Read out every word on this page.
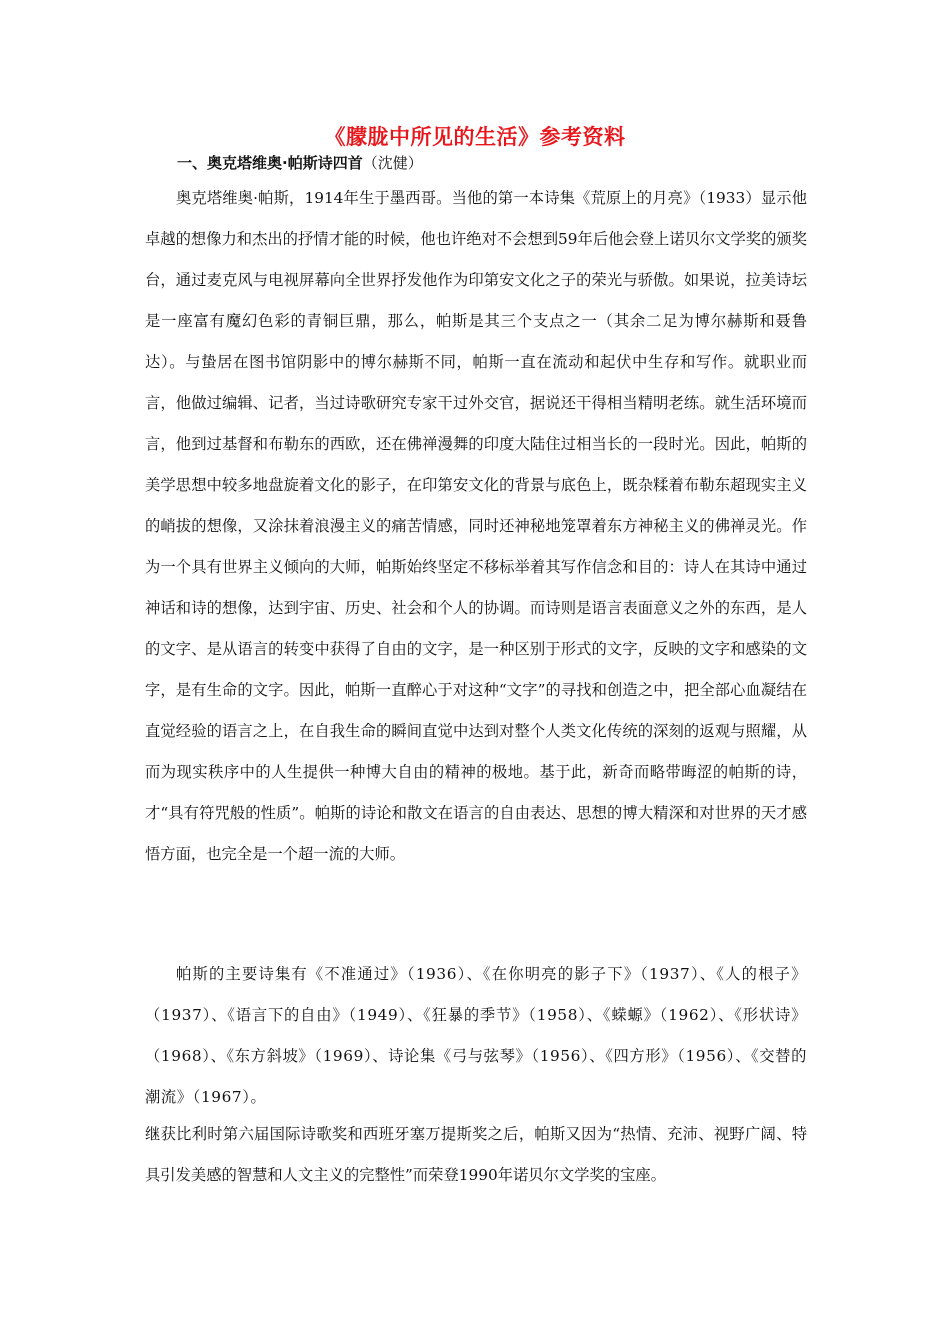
《朦胧中所见的生活》参考资料
一、奥克塔维奥·帕斯诗四首（沈健）

奥克塔维奥·帕斯，1914年生于墨西哥。当他的第一本诗集《荒原上的月亮》（1933）显示他卓越的想像力和杰出的抒情才能的时候，他也许绝对不会想到59年后他会登上诺贝尔文学奖的颁奖台，通过麦克风与电视屏幕向全世界抒发他作为印第安文化之子的荣光与骄傲。如果说，拉美诗坛是一座富有魔幻色彩的青铜巨鼎，那么，帕斯是其三个支点之一（其余二足为博尔赫斯和聂鲁达）。与蛰居在图书馆阴影中的博尔赫斯不同，帕斯一直在流动和起伏中生存和写作。就职业而言，他做过编辑、记者，当过诗歌研究专家干过外交官，据说还干得相当精明老练。就生活环境而言，他到过基督和布勒东的西欧，还在佛禅漫舞的印度大陆住过相当长的一段时光。因此，帕斯的美学思想中较多地盘旋着文化的影子，在印第安文化的背景与底色上，既杂糅着布勒东超现实主义的峭拔的想像，又涂抹着浪漫主义的痛苦情感，同时还神秘地笼罩着东方神秘主义的佛禅灵光。作为一个具有世界主义倾向的大师，帕斯始终坚定不移标举着其写作信念和目的：诗人在其诗中通过神话和诗的想像，达到宇宙、历史、社会和个人的协调。而诗则是语言表面意义之外的东西，是人的文字、是从语言的转变中获得了自由的文字，是一种区别于形式的文字，反映的文字和感染的文字，是有生命的文字。因此，帕斯一直醉心于对这种“文字”的寻找和创造之中，把全部心血凝结在直觉经验的语言之上，在自我生命的瞬间直觉中达到对整个人类文化传统的深刻的返观与照耀，从而为现实秩序中的人生提供一种博大自由的精神的极地。基于此，新奇而略带晦涩的帕斯的诗，才“具有符咒般的性质”。帕斯的诗论和散文在语言的自由表达、思想的博大精深和对世界的天才感悟方面，也完全是一个超一流的大师。

帕斯的主要诗集有《不准通过》（1936）、《在你明亮的影子下》（1937）、《人的根子》（1937）、《语言下的自由》（1949）、《狂暴的季节》（1958）、《蝾螈》（1962）、《形状诗》（1968）、《东方斜坡》（1969）、诗论集《弓与弦琴》（1956）、《四方形》（1956）、《交替的潮流》（1967）。

继获比利时第六届国际诗歌奖和西班牙塞万提斯奖之后，帕斯又因为“热情、充沛、视野广阔、特具引发美感的智慧和人文主义的完整性”而荣登1990年诺贝尔文学奖的宝座。
